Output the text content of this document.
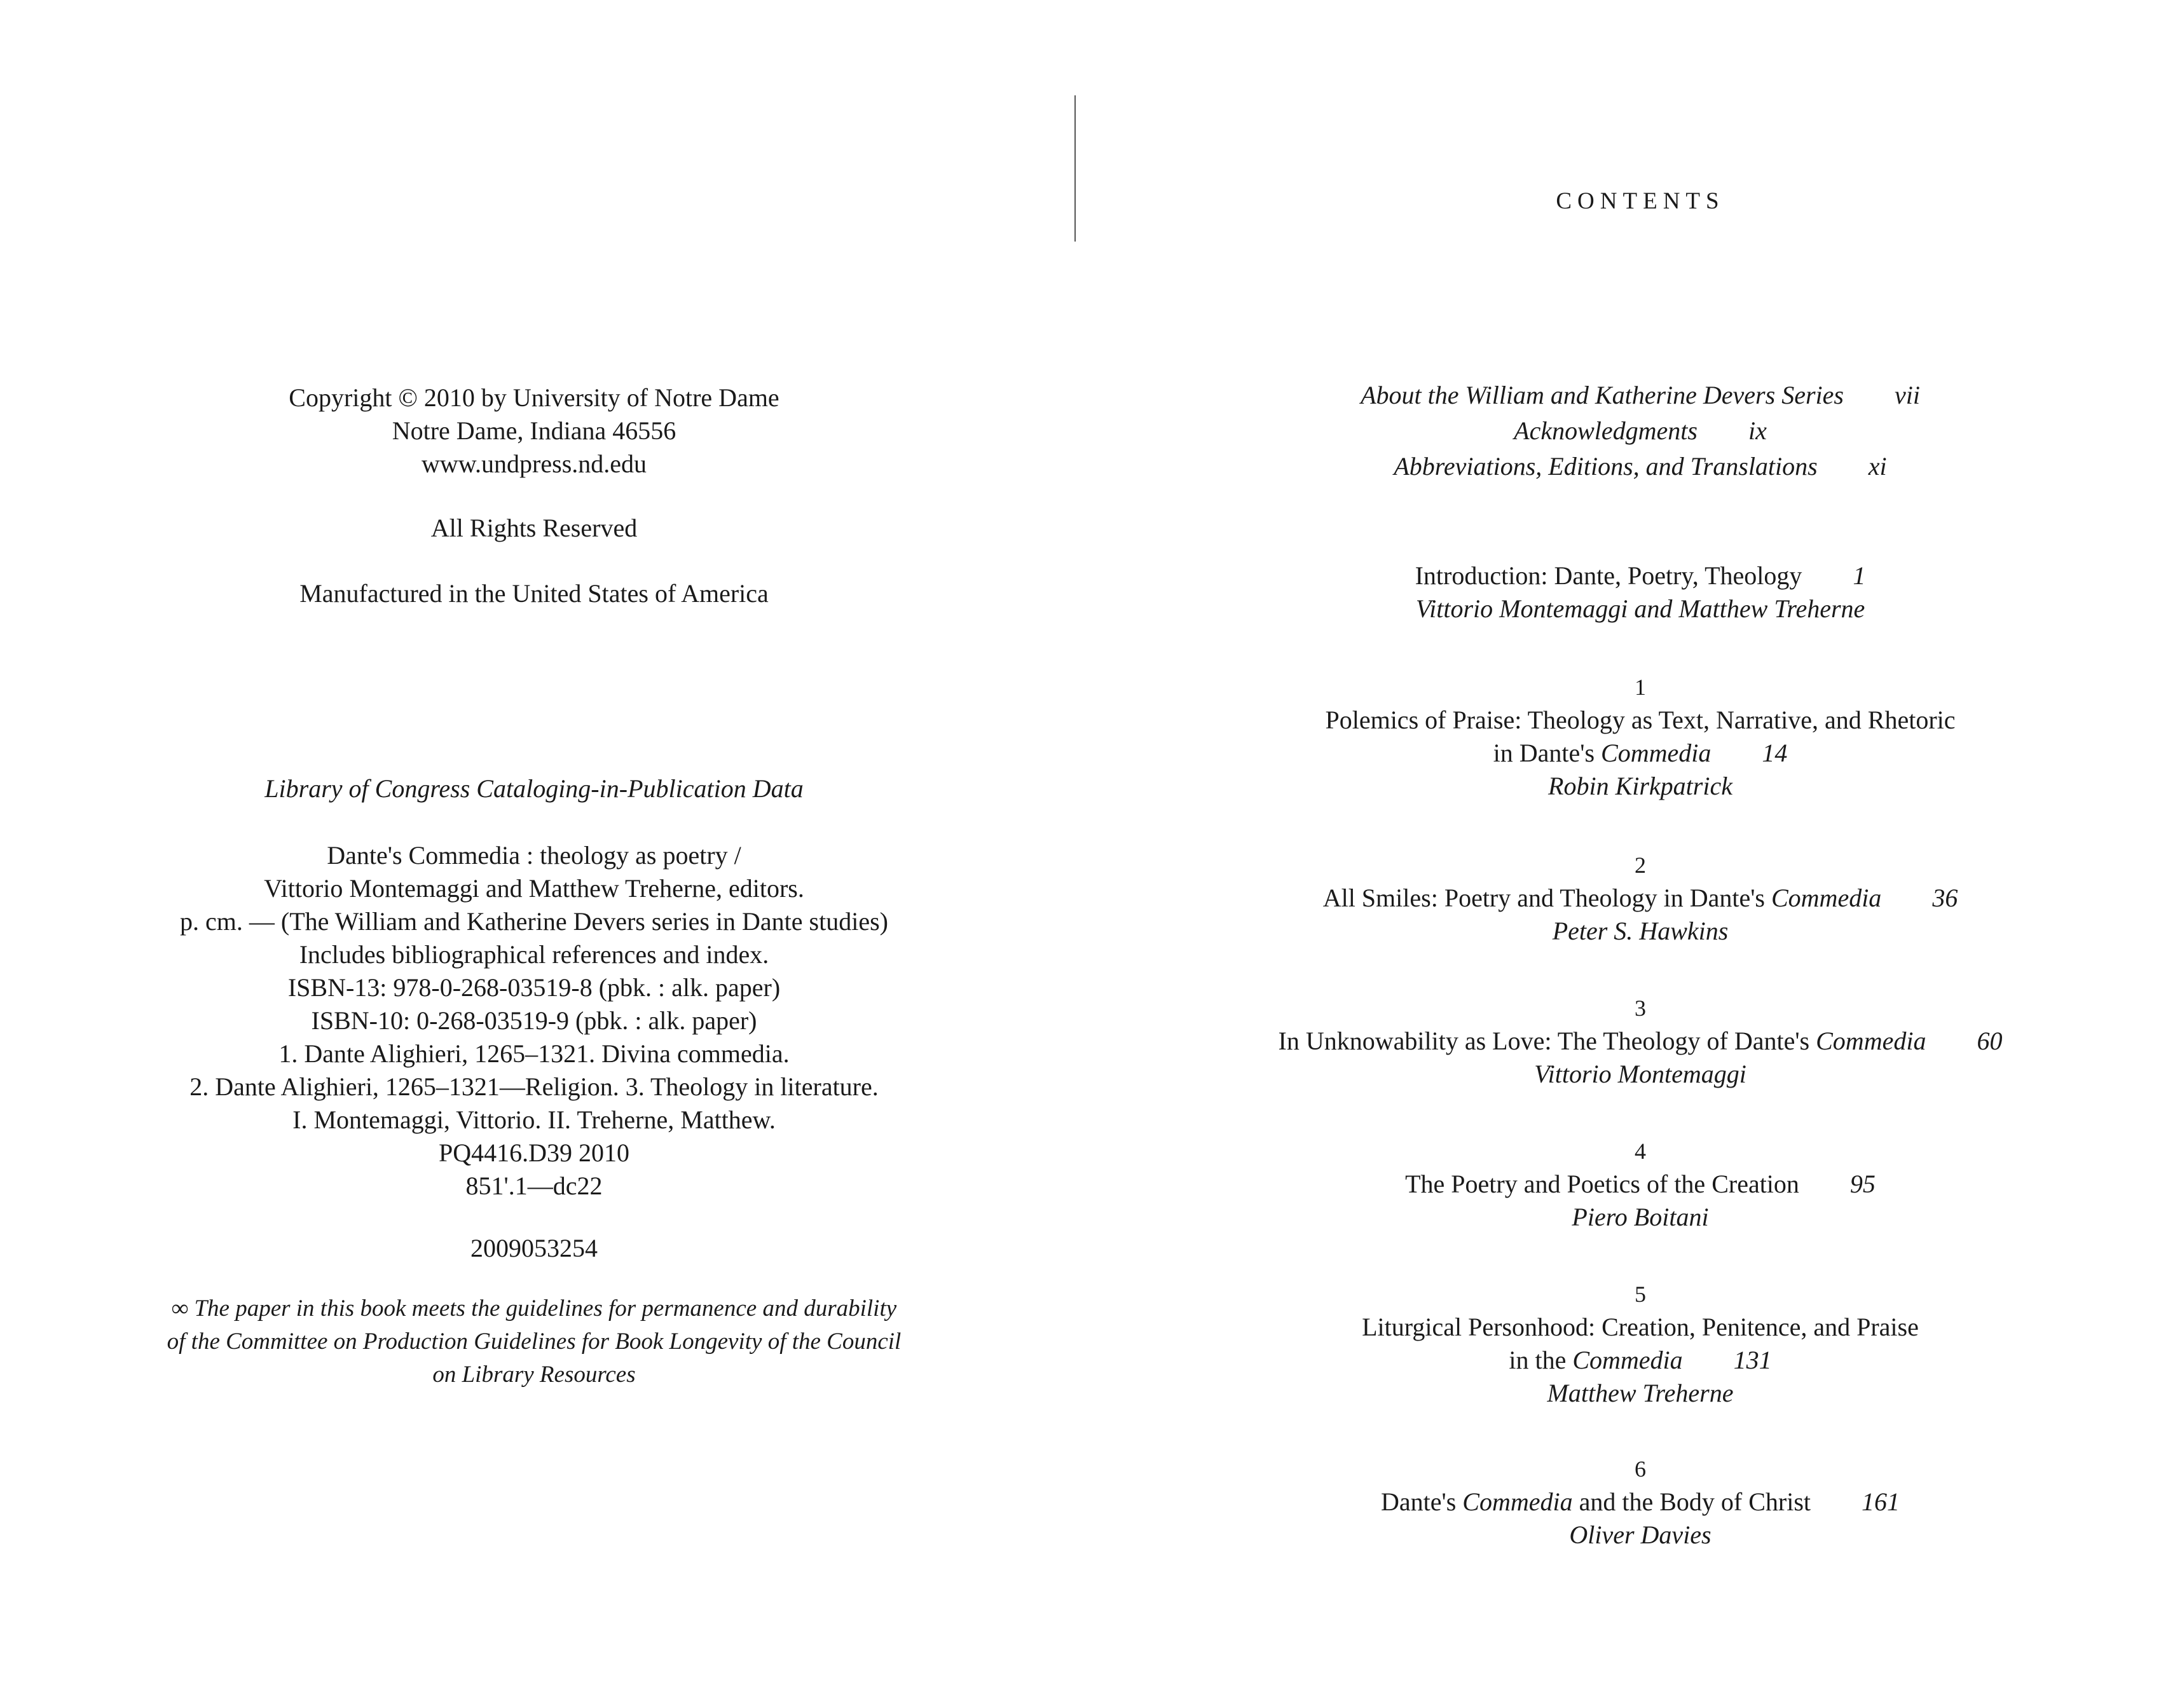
Copyright © 2010 by University of Notre Dame
Notre Dame, Indiana 46556
www.undpress.nd.edu
All Rights Reserved
Manufactured in the United States of America
Library of Congress Cataloging-in-Publication Data
Dante's Commedia : theology as poetry /
Vittorio Montemaggi and Matthew Treherne, editors.
p. cm. — (The William and Katherine Devers series in Dante studies)
Includes bibliographical references and index.
ISBN-13: 978-0-268-03519-8 (pbk. : alk. paper)
ISBN-10: 0-268-03519-9 (pbk. : alk. paper)
1. Dante Alighieri, 1265–1321. Divina commedia.
2. Dante Alighieri, 1265–1321—Religion. 3. Theology in literature.
I. Montemaggi, Vittorio. II. Treherne, Matthew.
PQ4416.D39 2010
851'.1—dc22
2009053254
∞ The paper in this book meets the guidelines for permanence and durability
of the Committee on Production Guidelines for Book Longevity of the Council
on Library Resources
CONTENTS
About the William and Katherine Devers Series vii
Acknowledgments ix
Abbreviations, Editions, and Translations xi
Introduction: Dante, Poetry, Theology 1
Vittorio Montemaggi and Matthew Treherne
1
Polemics of Praise: Theology as Text, Narrative, and Rhetoric
in Dante's Commedia 14
Robin Kirkpatrick
2
All Smiles: Poetry and Theology in Dante's Commedia 36
Peter S. Hawkins
3
In Unknowability as Love: The Theology of Dante's Commedia 60
Vittorio Montemaggi
4
The Poetry and Poetics of the Creation 95
Piero Boitani
5
Liturgical Personhood: Creation, Penitence, and Praise
in the Commedia 131
Matthew Treherne
6
Dante's Commedia and the Body of Christ 161
Oliver Davies
